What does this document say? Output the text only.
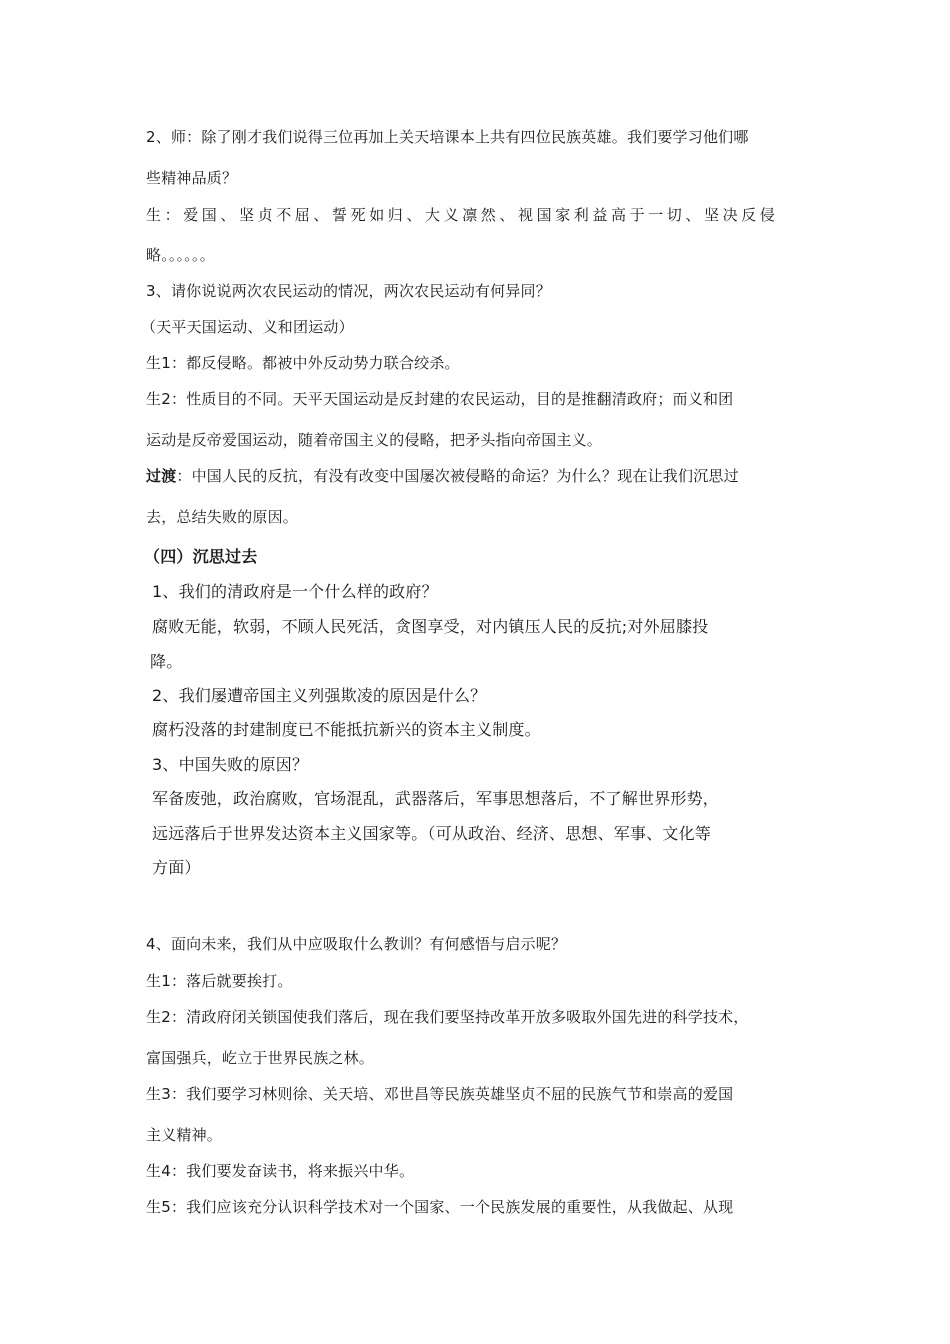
2、师：除了刚才我们说得三位再加上关天培课本上共有四位民族英雄。我们要学习他们哪
些精神品质？
生：爱国、坚贞不屈、誓死如归、大义凛然、视国家利益高于一切、坚决反侵
略。。。。。。
3、请你说说两次农民运动的情况，两次农民运动有何异同？
（天平天国运动、义和团运动）
生1：都反侵略。都被中外反动势力联合绞杀。
生2：性质目的不同。天平天国运动是反封建的农民运动，目的是推翻清政府；而义和团
运动是反帝爱国运动，随着帝国主义的侵略，把矛头指向帝国主义。
过渡：中国人民的反抗，有没有改变中国屡次被侵略的命运？为什么？现在让我们沉思过
去，总结失败的原因。
（四）沉思过去
1、我们的清政府是一个什么样的政府？
腐败无能，软弱，不顾人民死活，贪图享受，对内镇压人民的反抗;对外屈膝投
降。
2、我们屡遭帝国主义列强欺凌的原因是什么？
腐朽没落的封建制度已不能抵抗新兴的资本主义制度。
3、中国失败的原因？
军备废弛，政治腐败，官场混乱，武器落后，军事思想落后，不了解世界形势，
远远落后于世界发达资本主义国家等。（可从政治、经济、思想、军事、文化等
方面）
4、面向未来，我们从中应吸取什么教训？有何感悟与启示呢？
生1：落后就要挨打。
生2：清政府闭关锁国使我们落后，现在我们要坚持改革开放多吸取外国先进的科学技术，
富国强兵，屹立于世界民族之林。
生3：我们要学习林则徐、关天培、邓世昌等民族英雄坚贞不屈的民族气节和崇高的爱国
主义精神。
生4：我们要发奋读书，将来振兴中华。
生5：我们应该充分认识科学技术对一个国家、一个民族发展的重要性，从我做起、从现
